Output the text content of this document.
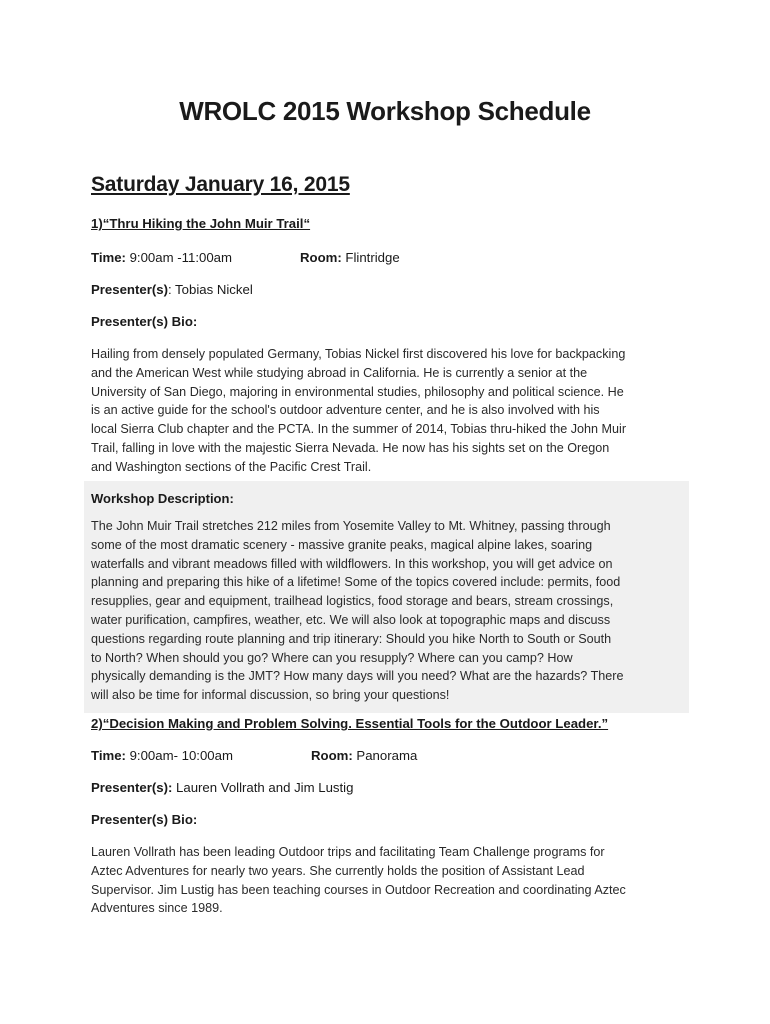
WROLC 2015 Workshop Schedule
Saturday January 16, 2015
1)“Thru Hiking the John Muir Trail“
Time: 9:00am -11:00am	Room: Flintridge
Presenter(s): Tobias Nickel
Presenter(s) Bio:
Hailing from densely populated Germany, Tobias Nickel first discovered his love for backpacking
and the American West while studying abroad in California. He is currently a senior at the
University of San Diego, majoring in environmental studies, philosophy and political science. He
is an active guide for the school's outdoor adventure center, and he is also involved with his
local Sierra Club chapter and the PCTA. In the summer of 2014, Tobias thru-hiked the John Muir
Trail, falling in love with the majestic Sierra Nevada. He now has his sights set on the Oregon
and Washington sections of the Pacific Crest Trail.
Workshop Description:
The John Muir Trail stretches 212 miles from Yosemite Valley to Mt. Whitney, passing through
some of the most dramatic scenery - massive granite peaks, magical alpine lakes, soaring
waterfalls and vibrant meadows filled with wildflowers. In this workshop, you will get advice on
planning and preparing this hike of a lifetime! Some of the topics covered include: permits, food
resupplies, gear and equipment, trailhead logistics, food storage and bears, stream crossings,
water purification, campfires, weather, etc. We will also look at topographic maps and discuss
questions regarding route planning and trip itinerary: Should you hike North to South or South
to North? When should you go? Where can you resupply? Where can you camp? How
physically demanding is the JMT? How many days will you need? What are the hazards? There
will also be time for informal discussion, so bring your questions!
2)“Decision Making and Problem Solving. Essential Tools for the Outdoor Leader.”
Time: 9:00am- 10:00am	Room: Panorama
Presenter(s): Lauren Vollrath and Jim Lustig
Presenter(s) Bio:
Lauren Vollrath has been leading Outdoor trips and facilitating Team Challenge programs for
Aztec Adventures for nearly two years. She currently holds the position of Assistant Lead
Supervisor. Jim Lustig has been teaching courses in Outdoor Recreation and coordinating Aztec
Adventures since 1989.
